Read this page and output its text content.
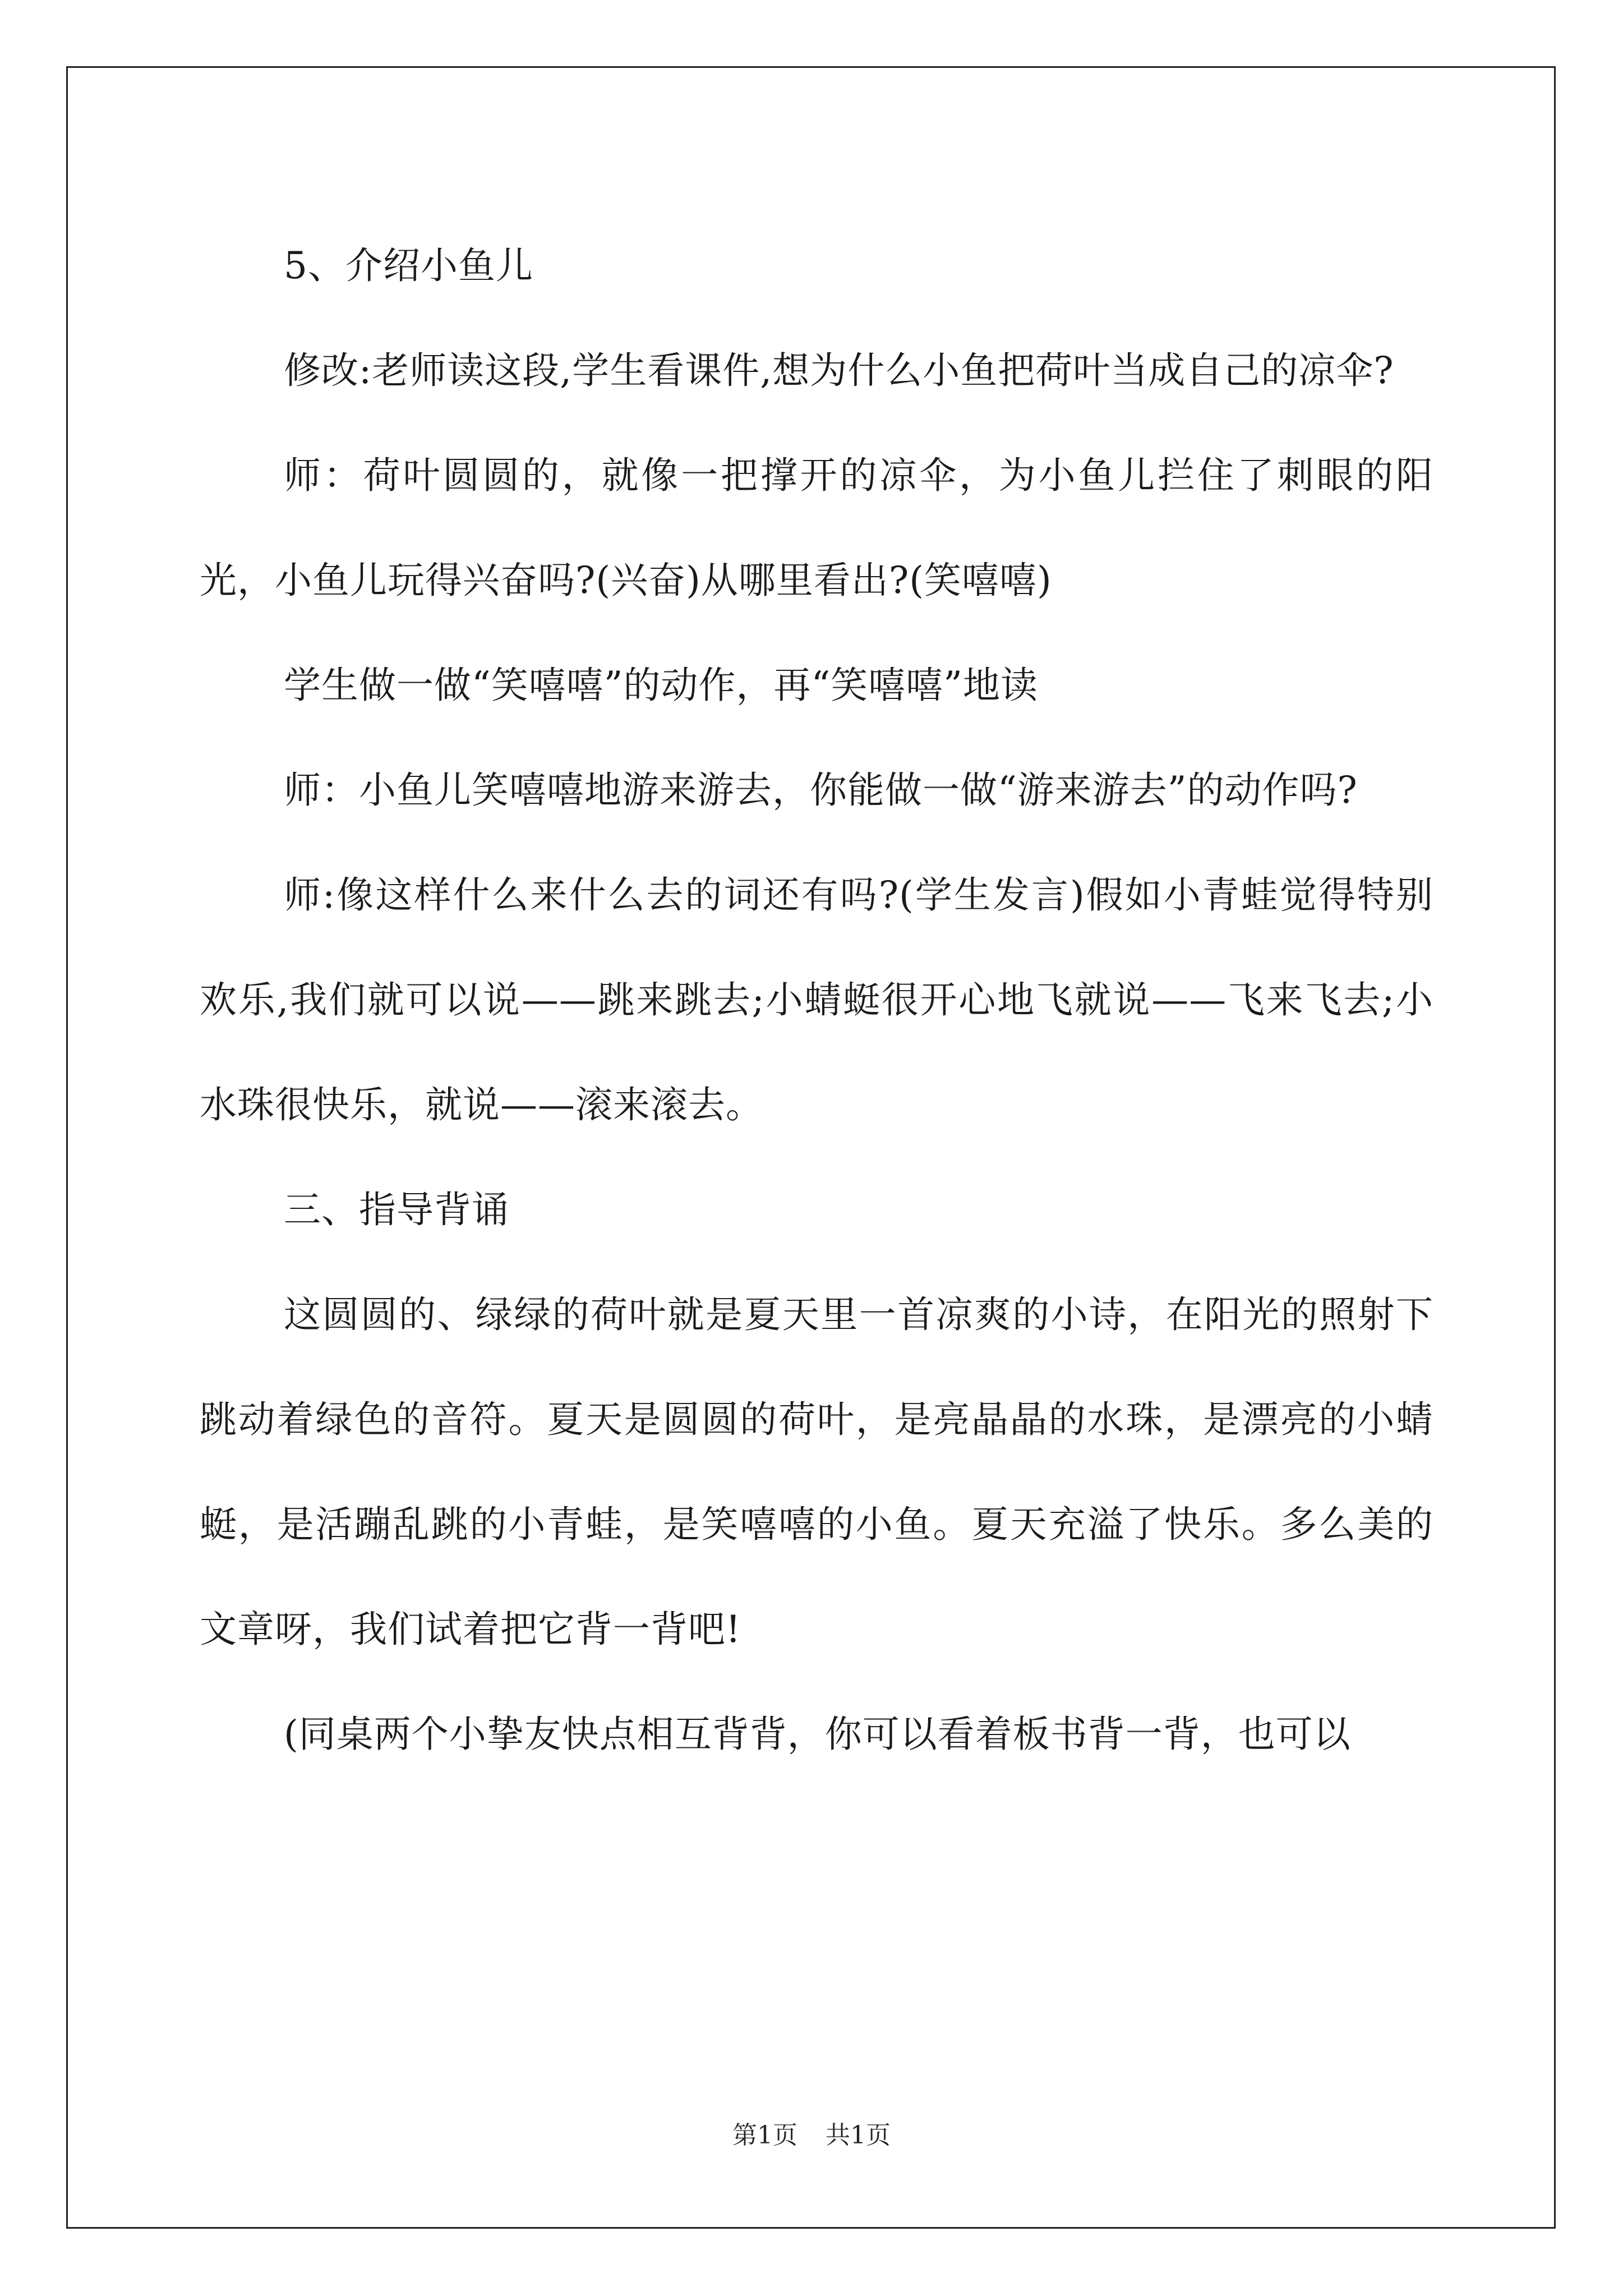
5、介绍小鱼儿

修改:老师读这段,学生看课件,想为什么小鱼把荷叶当成自己的凉伞?

师：荷叶圆圆的，就像一把撑开的凉伞，为小鱼儿拦住了刺眼的阳光，小鱼儿玩得兴奋吗?(兴奋)从哪里看出?(笑嘻嘻)

学生做一做“笑嘻嘻”的动作，再“笑嘻嘻”地读

师：小鱼儿笑嘻嘻地游来游去，你能做一做“游来游去”的动作吗?

师:像这样什么来什么去的词还有吗?(学生发言)假如小青蛙觉得特别欢乐,我们就可以说——跳来跳去;小蜻蜓很开心地飞就说——飞来飞去;小水珠很快乐，就说——滚来滚去。

三、指导背诵

这圆圆的、绿绿的荷叶就是夏天里一首凉爽的小诗，在阳光的照射下跳动着绿色的音符。夏天是圆圆的荷叶，是亮晶晶的水珠，是漂亮的小蜻蜓，是活蹦乱跳的小青蛙，是笑嘻嘻的小鱼。夏天充溢了快乐。多么美的文章呀，我们试着把它背一背吧!

(同桌两个小挚友快点相互背背，你可以看着板书背一背，也可以

第1页 共1页
